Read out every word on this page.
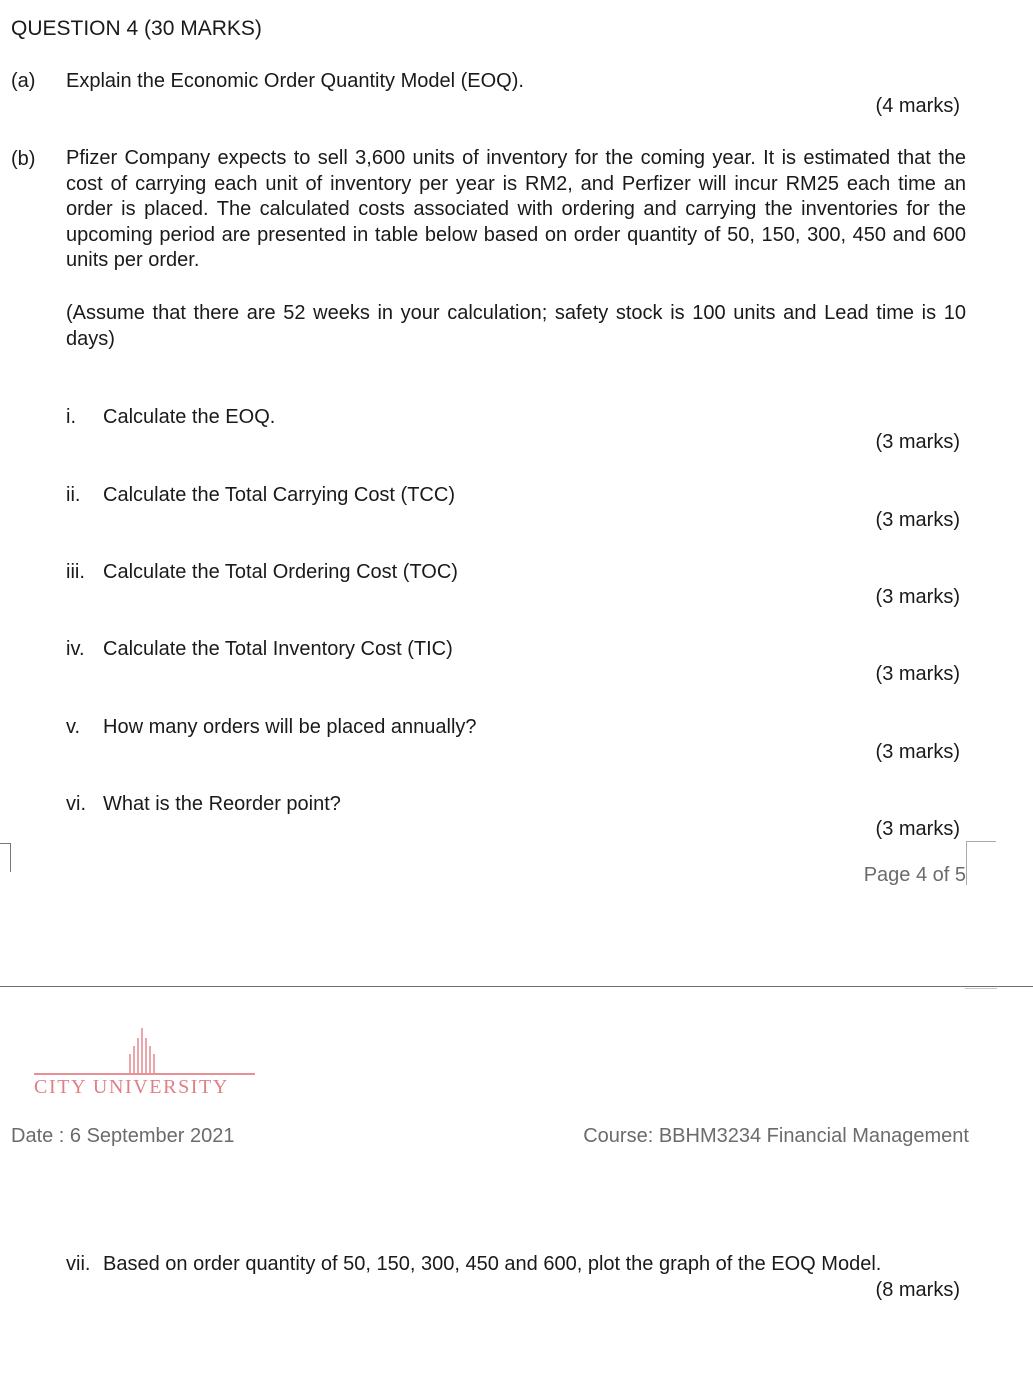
QUESTION 4 (30 MARKS)
(a) Explain the Economic Order Quantity Model (EOQ).
(4 marks)
(b) Pfizer Company expects to sell 3,600 units of inventory for the coming year. It is estimated that the cost of carrying each unit of inventory per year is RM2, and Perfizer will incur RM25 each time an order is placed. The calculated costs associated with ordering and carrying the inventories for the upcoming period are presented in table below based on order quantity of 50, 150, 300, 450 and 600 units per order.
(Assume that there are 52 weeks in your calculation; safety stock is 100 units and Lead time is 10 days)
i. Calculate the EOQ.
(3 marks)
ii. Calculate the Total Carrying Cost (TCC)
(3 marks)
iii. Calculate the Total Ordering Cost (TOC)
(3 marks)
iv. Calculate the Total Inventory Cost (TIC)
(3 marks)
v. How many orders will be placed annually?
(3 marks)
vi. What is the Reorder point?
(3 marks)
Page 4 of 5
CITY UNIVERSITY
Date : 6 September 2021	Course: BBHM3234 Financial Management
vii. Based on order quantity of 50, 150, 300, 450 and 600, plot the graph of the EOQ Model.
(8 marks)
